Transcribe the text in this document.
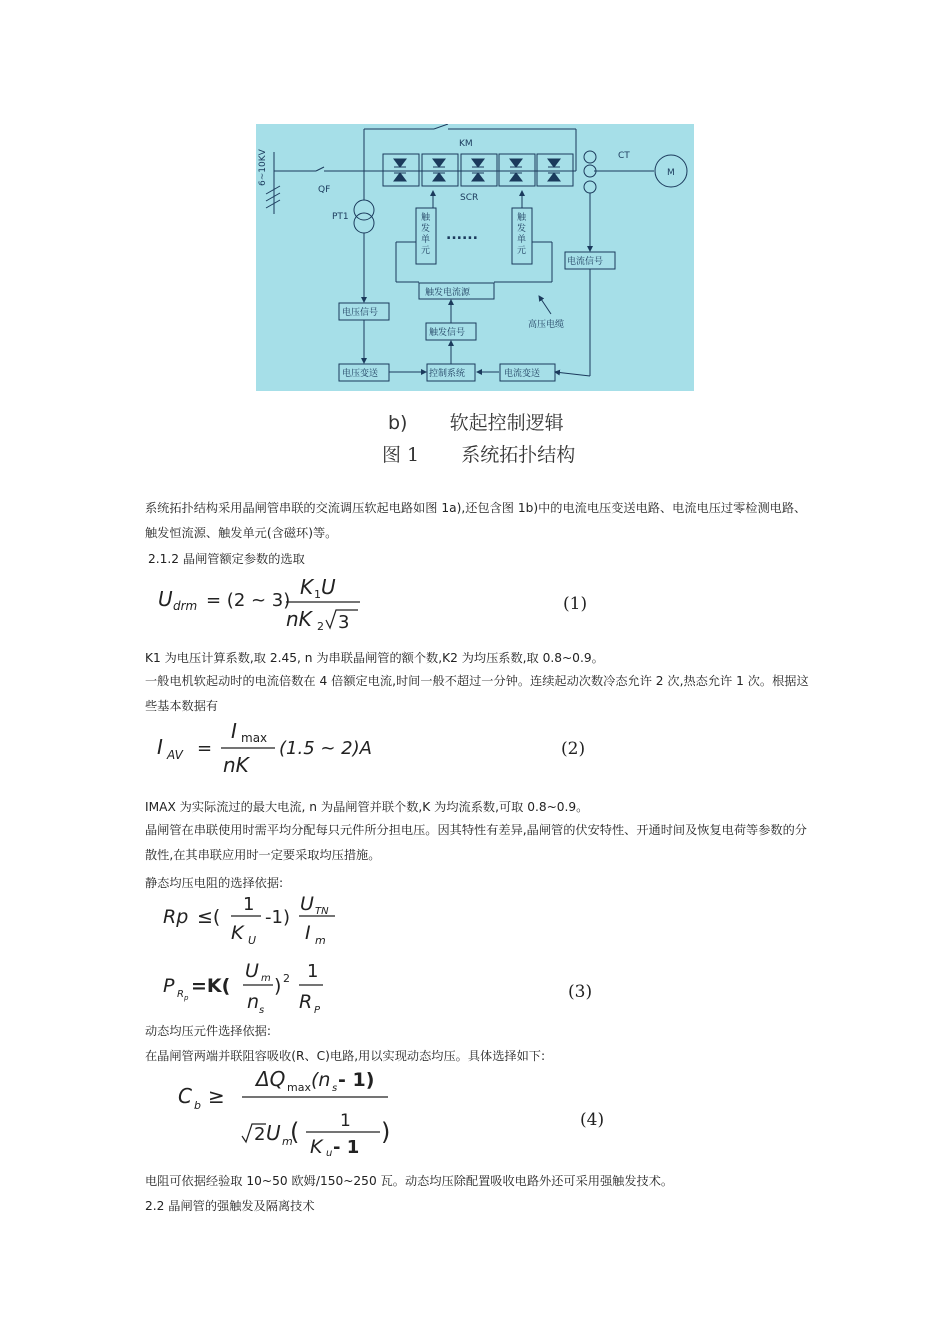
6~10KV
QF
PT1
KM
SCR
CT
M
......
电流信号
触发电流源
高压电缆
电压信号
触发信号
电压变送	控制系统	电流变送
触
发
单
元
触
发
单
元
b) 软起控制逻辑
图 1 系统拓扑结构
系统拓扑结构采用晶闸管串联的交流调压软起电路如图 1a),还包含图 1b)中的电流电压变送电路、电流电压过零检测电路、触发恒流源、触发单元(含磁环)等。
2.1.2 晶闸管额定参数的选取
U drm = (2 ~ 3)
K 1 U
nK 2 3
(1)
K1 为电压计算系数,取 2.45, n 为串联晶闸管的额个数,K2 为均压系数,取 0.8~0.9。
一般电机软起动时的电流倍数在 4 倍额定电流,时间一般不超过一分钟。连续起动次数冷态允许 2 次,热态允许 1 次。根据这些基本数据有
I AV =
I max
nK
(1.5 ~ 2)A	(2)
IMAX 为实际流过的最大电流, n 为晶闸管并联个数,K 为均流系数,可取 0.8~0.9。
晶闸管在串联使用时需平均分配每只元件所分担电压。因其特性有差异,晶闸管的伏安特性、开通时间及恢复电荷等参数的分散性,在其串联应用时一定要采取均压措施。
静态均压电阻的选择依据:
Rp ≤(
1
K U
-1)
U TN
I m
P R p
=K(
U m
n s
) 2 1
R P
(3)
动态均压元件选择依据:
在晶闸管两端并联阻容吸收(R、C)电路,用以实现动态均压。具体选择如下:
C b ≥
ΔQ max (n s - 1)
2 U m
( 1
K u - 1
)	(4)
电阻可依据经验取 10~50 欧姆/150~250 瓦。动态均压除配置吸收电路外还可采用强触发技术。
2.2 晶闸管的强触发及隔离技术
